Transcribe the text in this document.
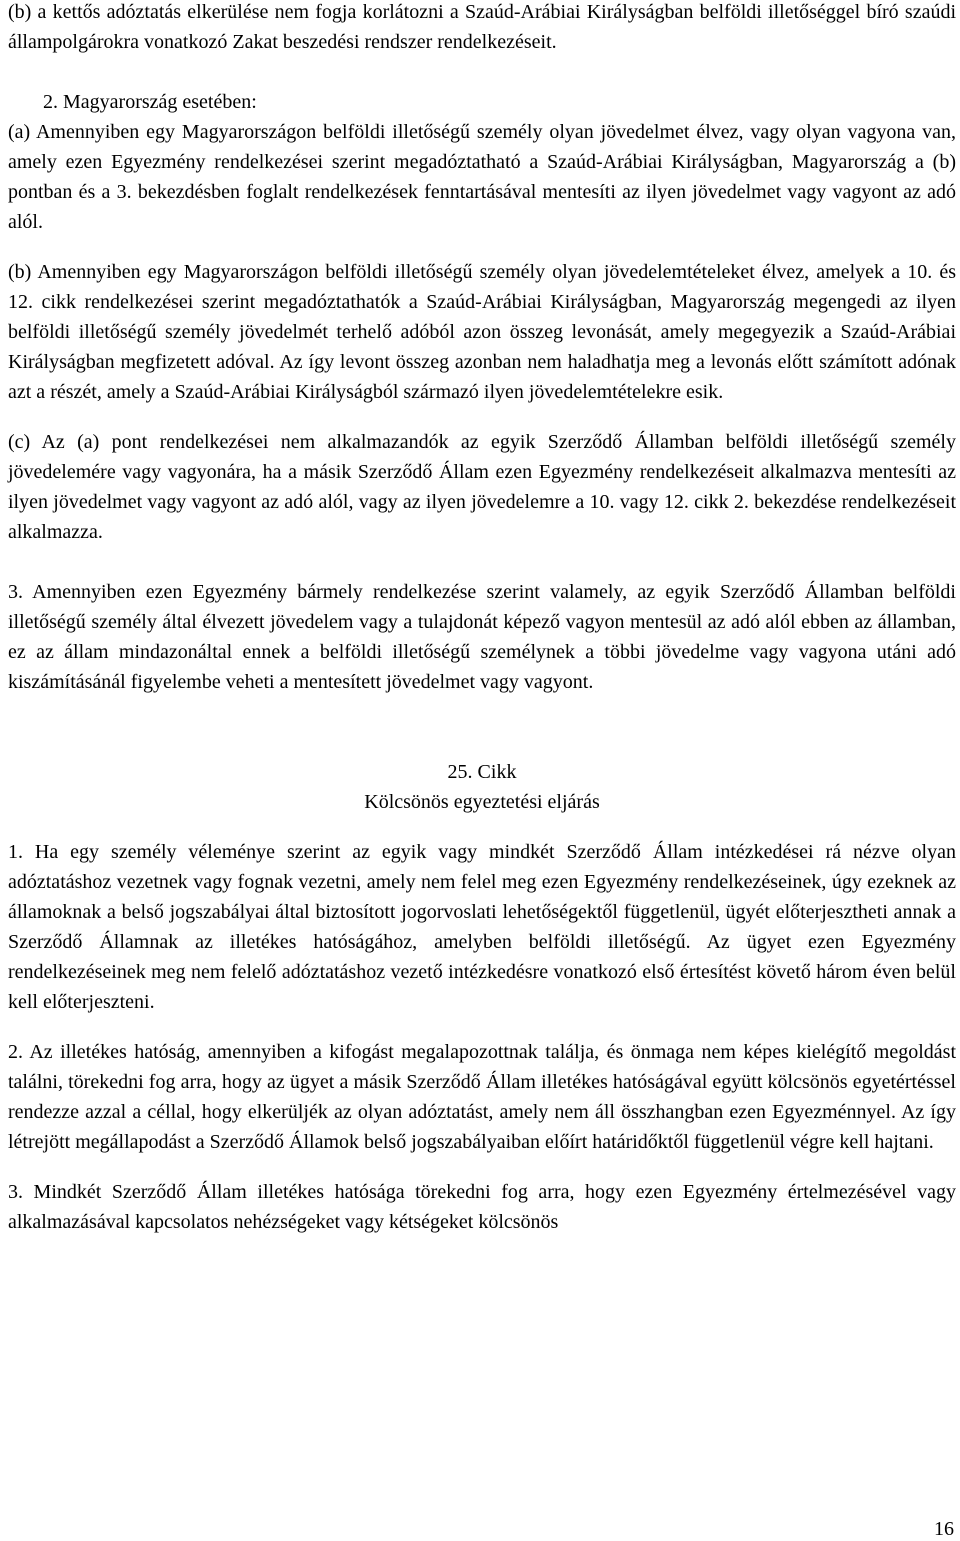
(b) a kettős adóztatás elkerülése nem fogja korlátozni a Szaúd-Arábiai Királyságban belföldi illetőséggel bíró szaúdi állampolgárokra vonatkozó Zakat beszedési rendszer rendelkezéseit.

2. Magyarország esetében:

(a) Amennyiben egy Magyarországon belföldi illetőségű személy olyan jövedelmet élvez, vagy olyan vagyona van, amely ezen Egyezmény rendelkezései szerint megadóztatható a Szaúd-Arábiai Királyságban, Magyarország a (b) pontban és a 3. bekezdésben foglalt rendelkezések fenntartásával mentesíti az ilyen jövedelmet vagy vagyont az adó alól.

(b) Amennyiben egy Magyarországon belföldi illetőségű személy olyan jövedelemtételeket élvez, amelyek a 10. és 12. cikk rendelkezései szerint megadóztathatók a Szaúd-Arábiai Királyságban, Magyarország megengedi az ilyen belföldi illetőségű személy jövedelmét terhelő adóból azon összeg levonását, amely megegyezik a Szaúd-Arábiai Királyságban megfizetett adóval. Az így levont összeg azonban nem haladhatja meg a levonás előtt számított adónak azt a részét, amely a Szaúd-Arábiai Királyságból származó ilyen jövedelemtételekre esik.

(c) Az (a) pont rendelkezései nem alkalmazandók az egyik Szerződő Államban belföldi illetőségű személy jövedelemére vagy vagyonára, ha a másik Szerződő Állam ezen Egyezmény rendelkezéseit alkalmazva mentesíti az ilyen jövedelmet vagy vagyont az adó alól, vagy az ilyen jövedelemre a 10. vagy 12. cikk 2. bekezdése rendelkezéseit alkalmazza.

3. Amennyiben ezen Egyezmény bármely rendelkezése szerint valamely, az egyik Szerződő Államban belföldi illetőségű személy által élvezett jövedelem vagy a tulajdonát képező vagyon mentesül az adó alól ebben az államban, ez az állam mindazonáltal ennek a belföldi illetőségű személynek a többi jövedelme vagy vagyona utáni adó kiszámításánál figyelembe veheti a mentesített jövedelmet vagy vagyont.

25. Cikk

Kölcsönös egyeztetési eljárás

1. Ha egy személy véleménye szerint az egyik vagy mindkét Szerződő Állam intézkedései rá nézve olyan adóztatáshoz vezetnek vagy fognak vezetni, amely nem felel meg ezen Egyezmény rendelkezéseinek, úgy ezeknek az államoknak a belső jogszabályai által biztosított jogorvoslati lehetőségektől függetlenül, ügyét előterjesztheti annak a Szerződő Államnak az illetékes hatóságához, amelyben belföldi illetőségű. Az ügyet ezen Egyezmény rendelkezéseinek meg nem felelő adóztatáshoz vezető intézkedésre vonatkozó első értesítést követő három éven belül kell előterjeszteni.

2. Az illetékes hatóság, amennyiben a kifogást megalapozottnak találja, és önmaga nem képes kielégítő megoldást találni, törekedni fog arra, hogy az ügyet a másik Szerződő Állam illetékes hatóságával együtt kölcsönös egyetértéssel rendezze azzal a céllal, hogy elkerüljék az olyan adóztatást, amely nem áll összhangban ezen Egyezménnyel. Az így létrejött megállapodást a Szerződő Államok belső jogszabályaiban előírt határidőktől függetlenül végre kell hajtani.

3. Mindkét Szerződő Állam illetékes hatósága törekedni fog arra, hogy ezen Egyezmény értelmezésével vagy alkalmazásával kapcsolatos nehézségeket vagy kétségeket kölcsönös

16
